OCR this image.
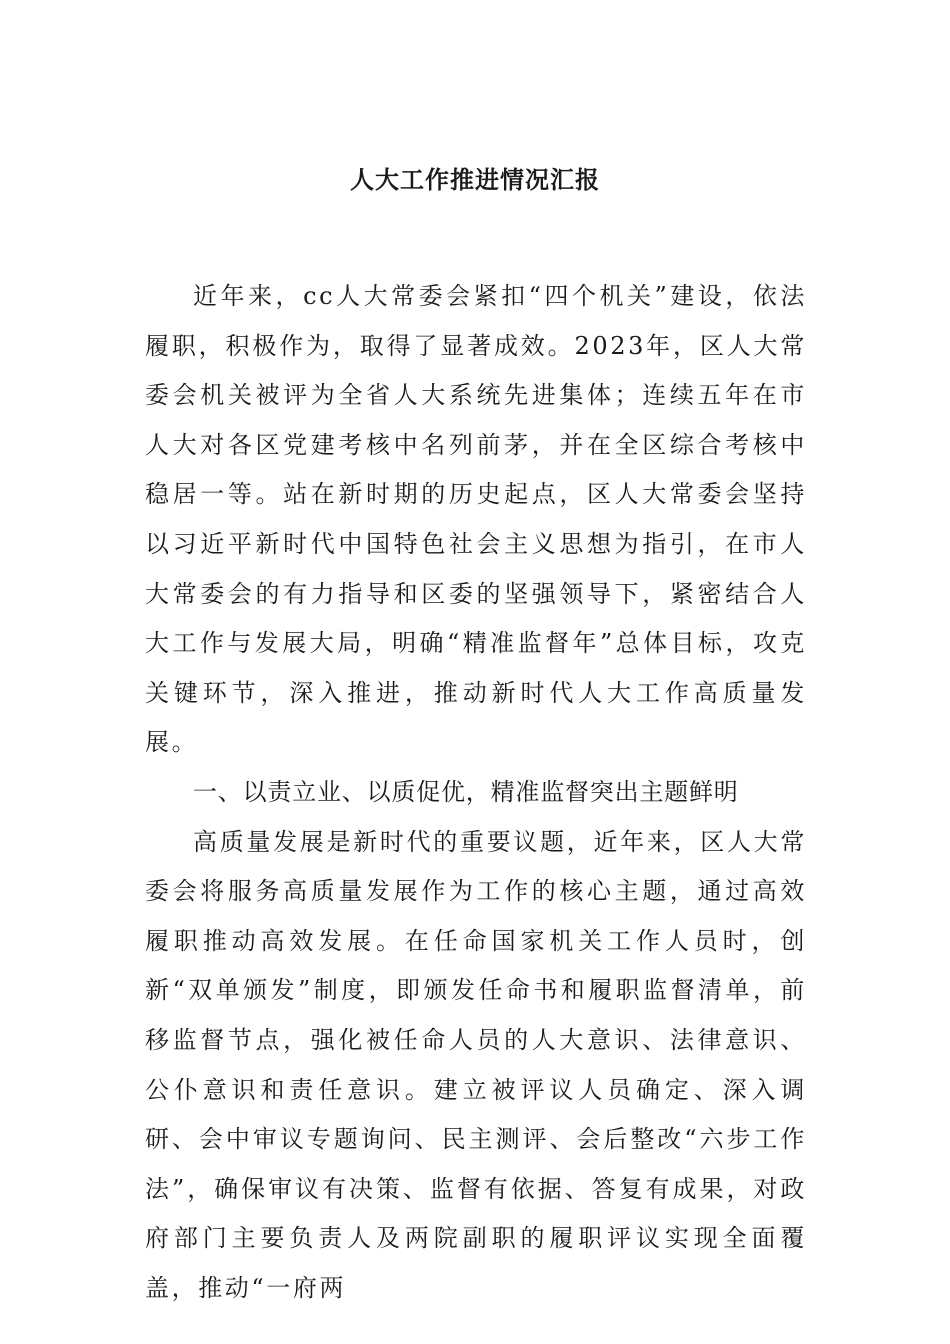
人大工作推进情况汇报

近年来，cc人大常委会紧扣“四个机关”建设，依法履职，积极作为，取得了显著成效。2023年，区人大常委会机关被评为全省人大系统先进集体；连续五年在市人大对各区党建考核中名列前茅，并在全区综合考核中稳居一等。站在新时期的历史起点，区人大常委会坚持以习近平新时代中国特色社会主义思想为指引，在市人大常委会的有力指导和区委的坚强领导下，紧密结合人大工作与发展大局，明确“精准监督年”总体目标，攻克关键环节，深入推进，推动新时代人大工作高质量发展。

一、以责立业、以质促优，精准监督突出主题鲜明

高质量发展是新时代的重要议题，近年来，区人大常委会将服务高质量发展作为工作的核心主题，通过高效履职推动高效发展。在任命国家机关工作人员时，创新“双单颁发”制度，即颁发任命书和履职监督清单，前移监督节点，强化被任命人员的人大意识、法律意识、公仆意识和责任意识。建立被评议人员确定、深入调研、会中审议专题询问、民主测评、会后整改“六步工作法”，确保审议有决策、监督有依据、答复有成果，对政府部门主要负责人及两院副职的履职评议实现全面覆盖，推动“一府两
